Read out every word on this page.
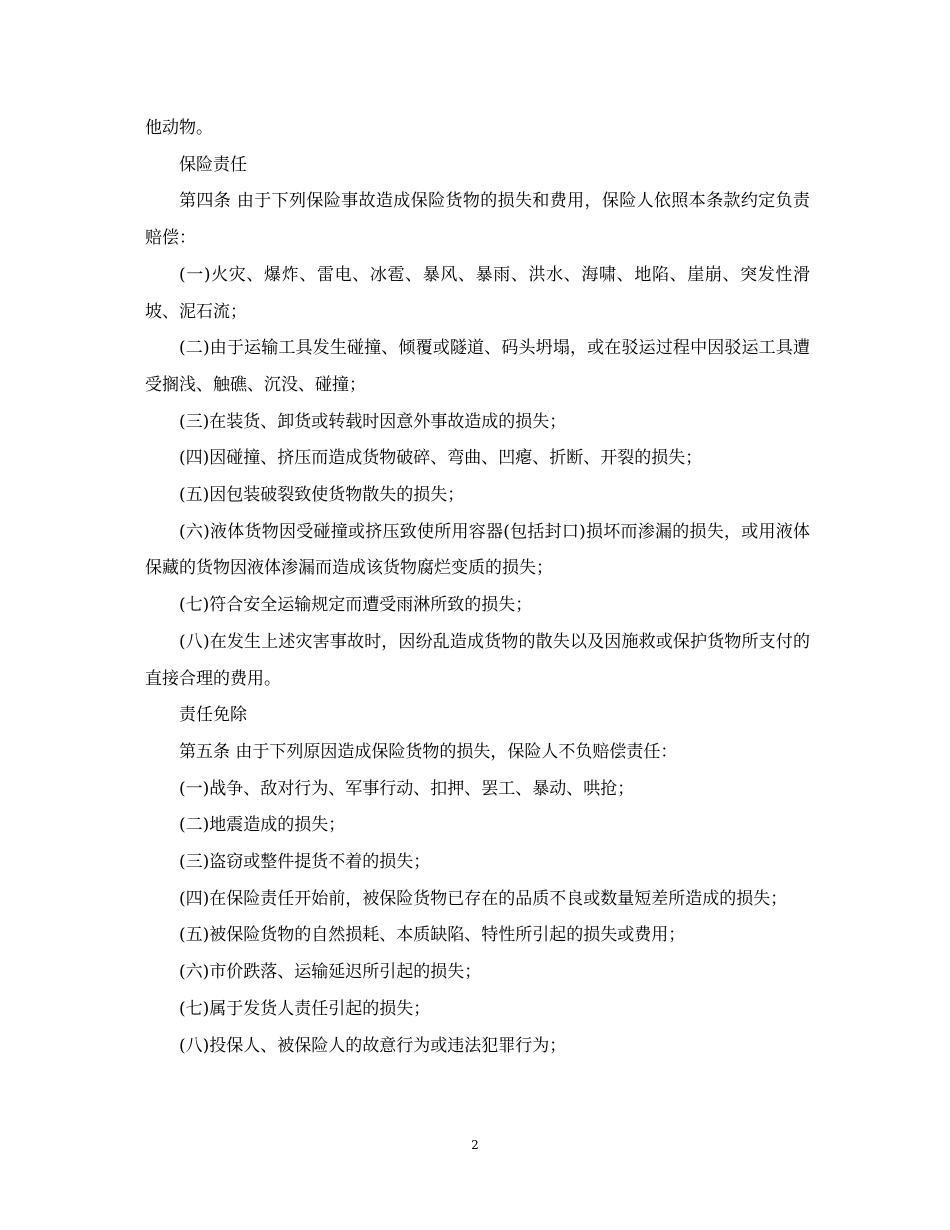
他动物。

保险责任

第四条 由于下列保险事故造成保险货物的损失和费用，保险人依照本条款约定负责赔偿：

(一)火灾、爆炸、雷电、冰雹、暴风、暴雨、洪水、海啸、地陷、崖崩、突发性滑坡、泥石流；

(二)由于运输工具发生碰撞、倾覆或隧道、码头坍塌，或在驳运过程中因驳运工具遭受搁浅、触礁、沉没、碰撞；

(三)在装货、卸货或转载时因意外事故造成的损失；

(四)因碰撞、挤压而造成货物破碎、弯曲、凹瘪、折断、开裂的损失；

(五)因包装破裂致使货物散失的损失；

(六)液体货物因受碰撞或挤压致使所用容器(包括封口)损坏而渗漏的损失，或用液体保藏的货物因液体渗漏而造成该货物腐烂变质的损失；

(七)符合安全运输规定而遭受雨淋所致的损失；

(八)在发生上述灾害事故时，因纷乱造成货物的散失以及因施救或保护货物所支付的直接合理的费用。

责任免除

第五条 由于下列原因造成保险货物的损失，保险人不负赔偿责任：

(一)战争、敌对行为、军事行动、扣押、罢工、暴动、哄抢；

(二)地震造成的损失；

(三)盗窃或整件提货不着的损失；

(四)在保险责任开始前，被保险货物已存在的品质不良或数量短差所造成的损失；

(五)被保险货物的自然损耗、本质缺陷、特性所引起的损失或费用；

(六)市价跌落、运输延迟所引起的损失；

(七)属于发货人责任引起的损失；

(八)投保人、被保险人的故意行为或违法犯罪行为；

2
